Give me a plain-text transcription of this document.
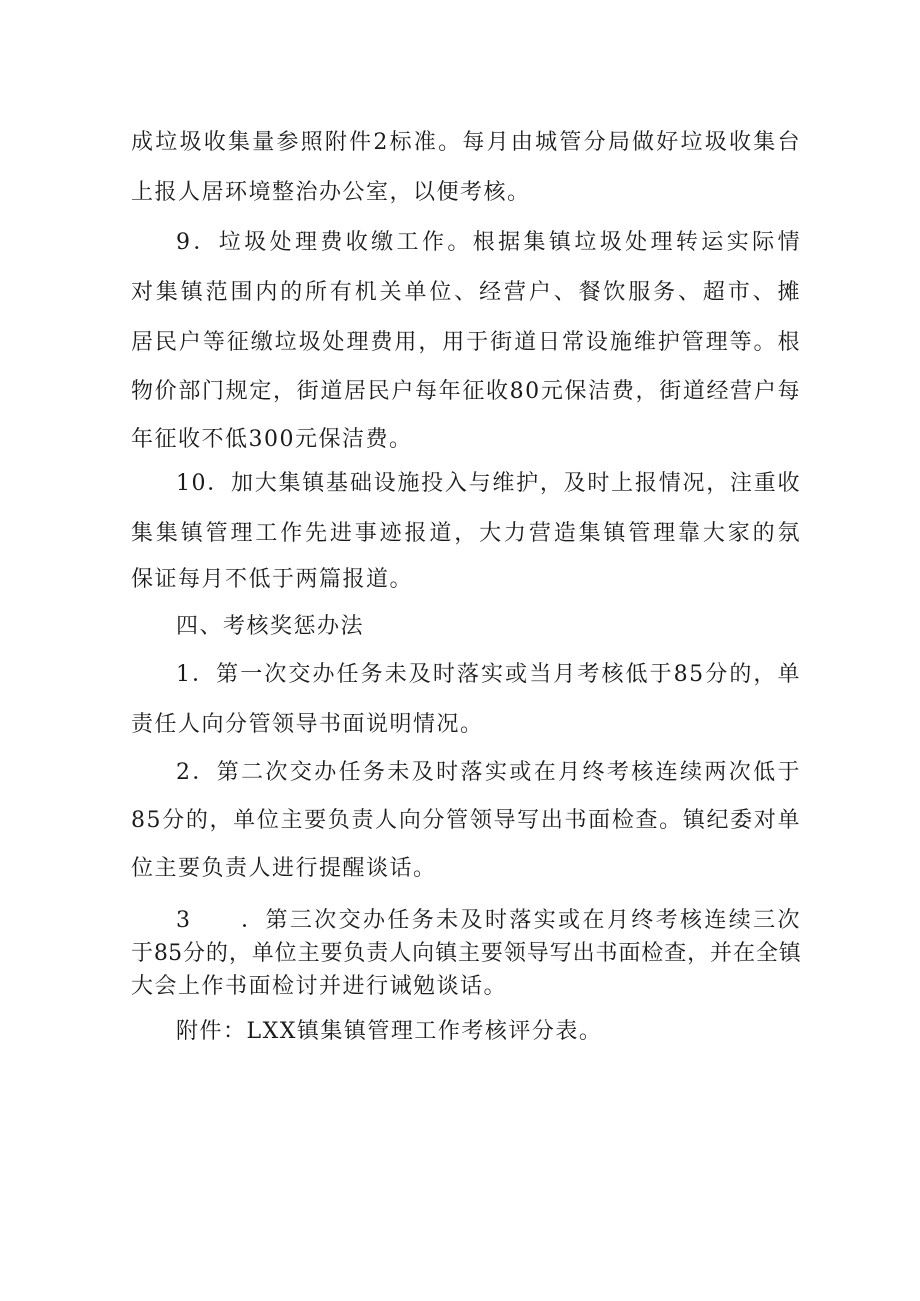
成垃圾收集量参照附件2标准。每月由城管分局做好垃圾收集台
上报人居环境整治办公室，以便考核。
9．垃圾处理费收缴工作。根据集镇垃圾处理转运实际情
对集镇范围内的所有机关单位、经营户、餐饮服务、超市、摊
居民户等征缴垃圾处理费用，用于街道日常设施维护管理等。根
物价部门规定，街道居民户每年征收80元保洁费，街道经营户每
年征收不低300元保洁费。
10．加大集镇基础设施投入与维护，及时上报情况，注重收
集集镇管理工作先进事迹报道，大力营造集镇管理靠大家的氛
保证每月不低于两篇报道。
四、考核奖惩办法
1．第一次交办任务未及时落实或当月考核低于85分的，单
责任人向分管领导书面说明情况。
2．第二次交办任务未及时落实或在月终考核连续两次低于
85分的，单位主要负责人向分管领导写出书面检查。镇纪委对单
位主要负责人进行提醒谈话。
3　　．第三次交办任务未及时落实或在月终考核连续三次
于85分的，单位主要负责人向镇主要领导写出书面检查，并在全镇
大会上作书面检讨并进行诫勉谈话。
附件：LXX镇集镇管理工作考核评分表。
